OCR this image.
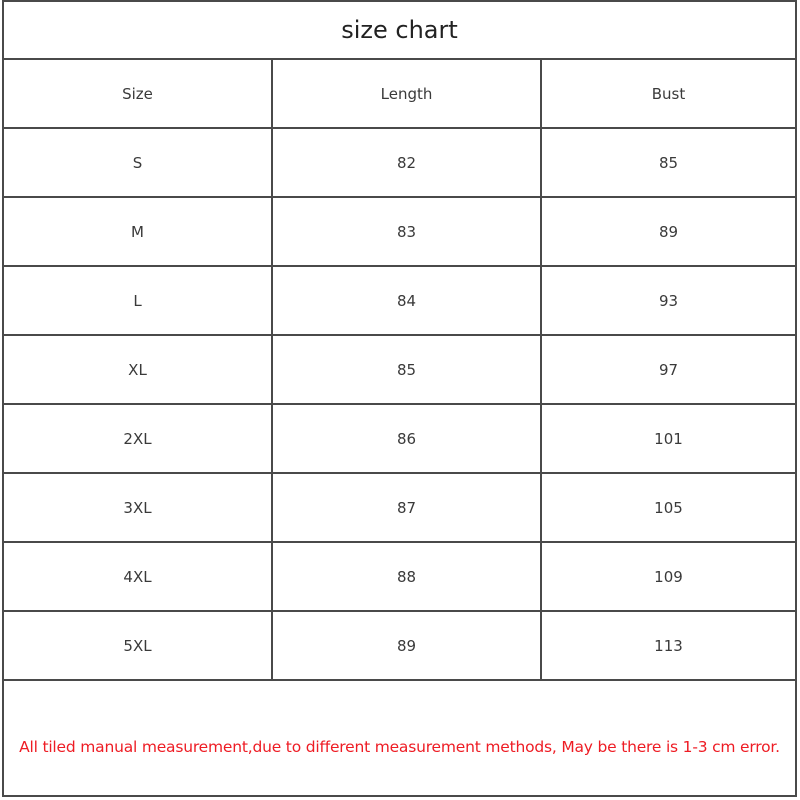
size chart
Size	Length	Bust
S	82	85
M	83	89
L	84	93
XL	85	97
2XL	86	101
3XL	87	105
4XL	88	109
5XL	89	113
All tiled manual measurement,due to different measurement methods, May be there is 1-3 cm error.
